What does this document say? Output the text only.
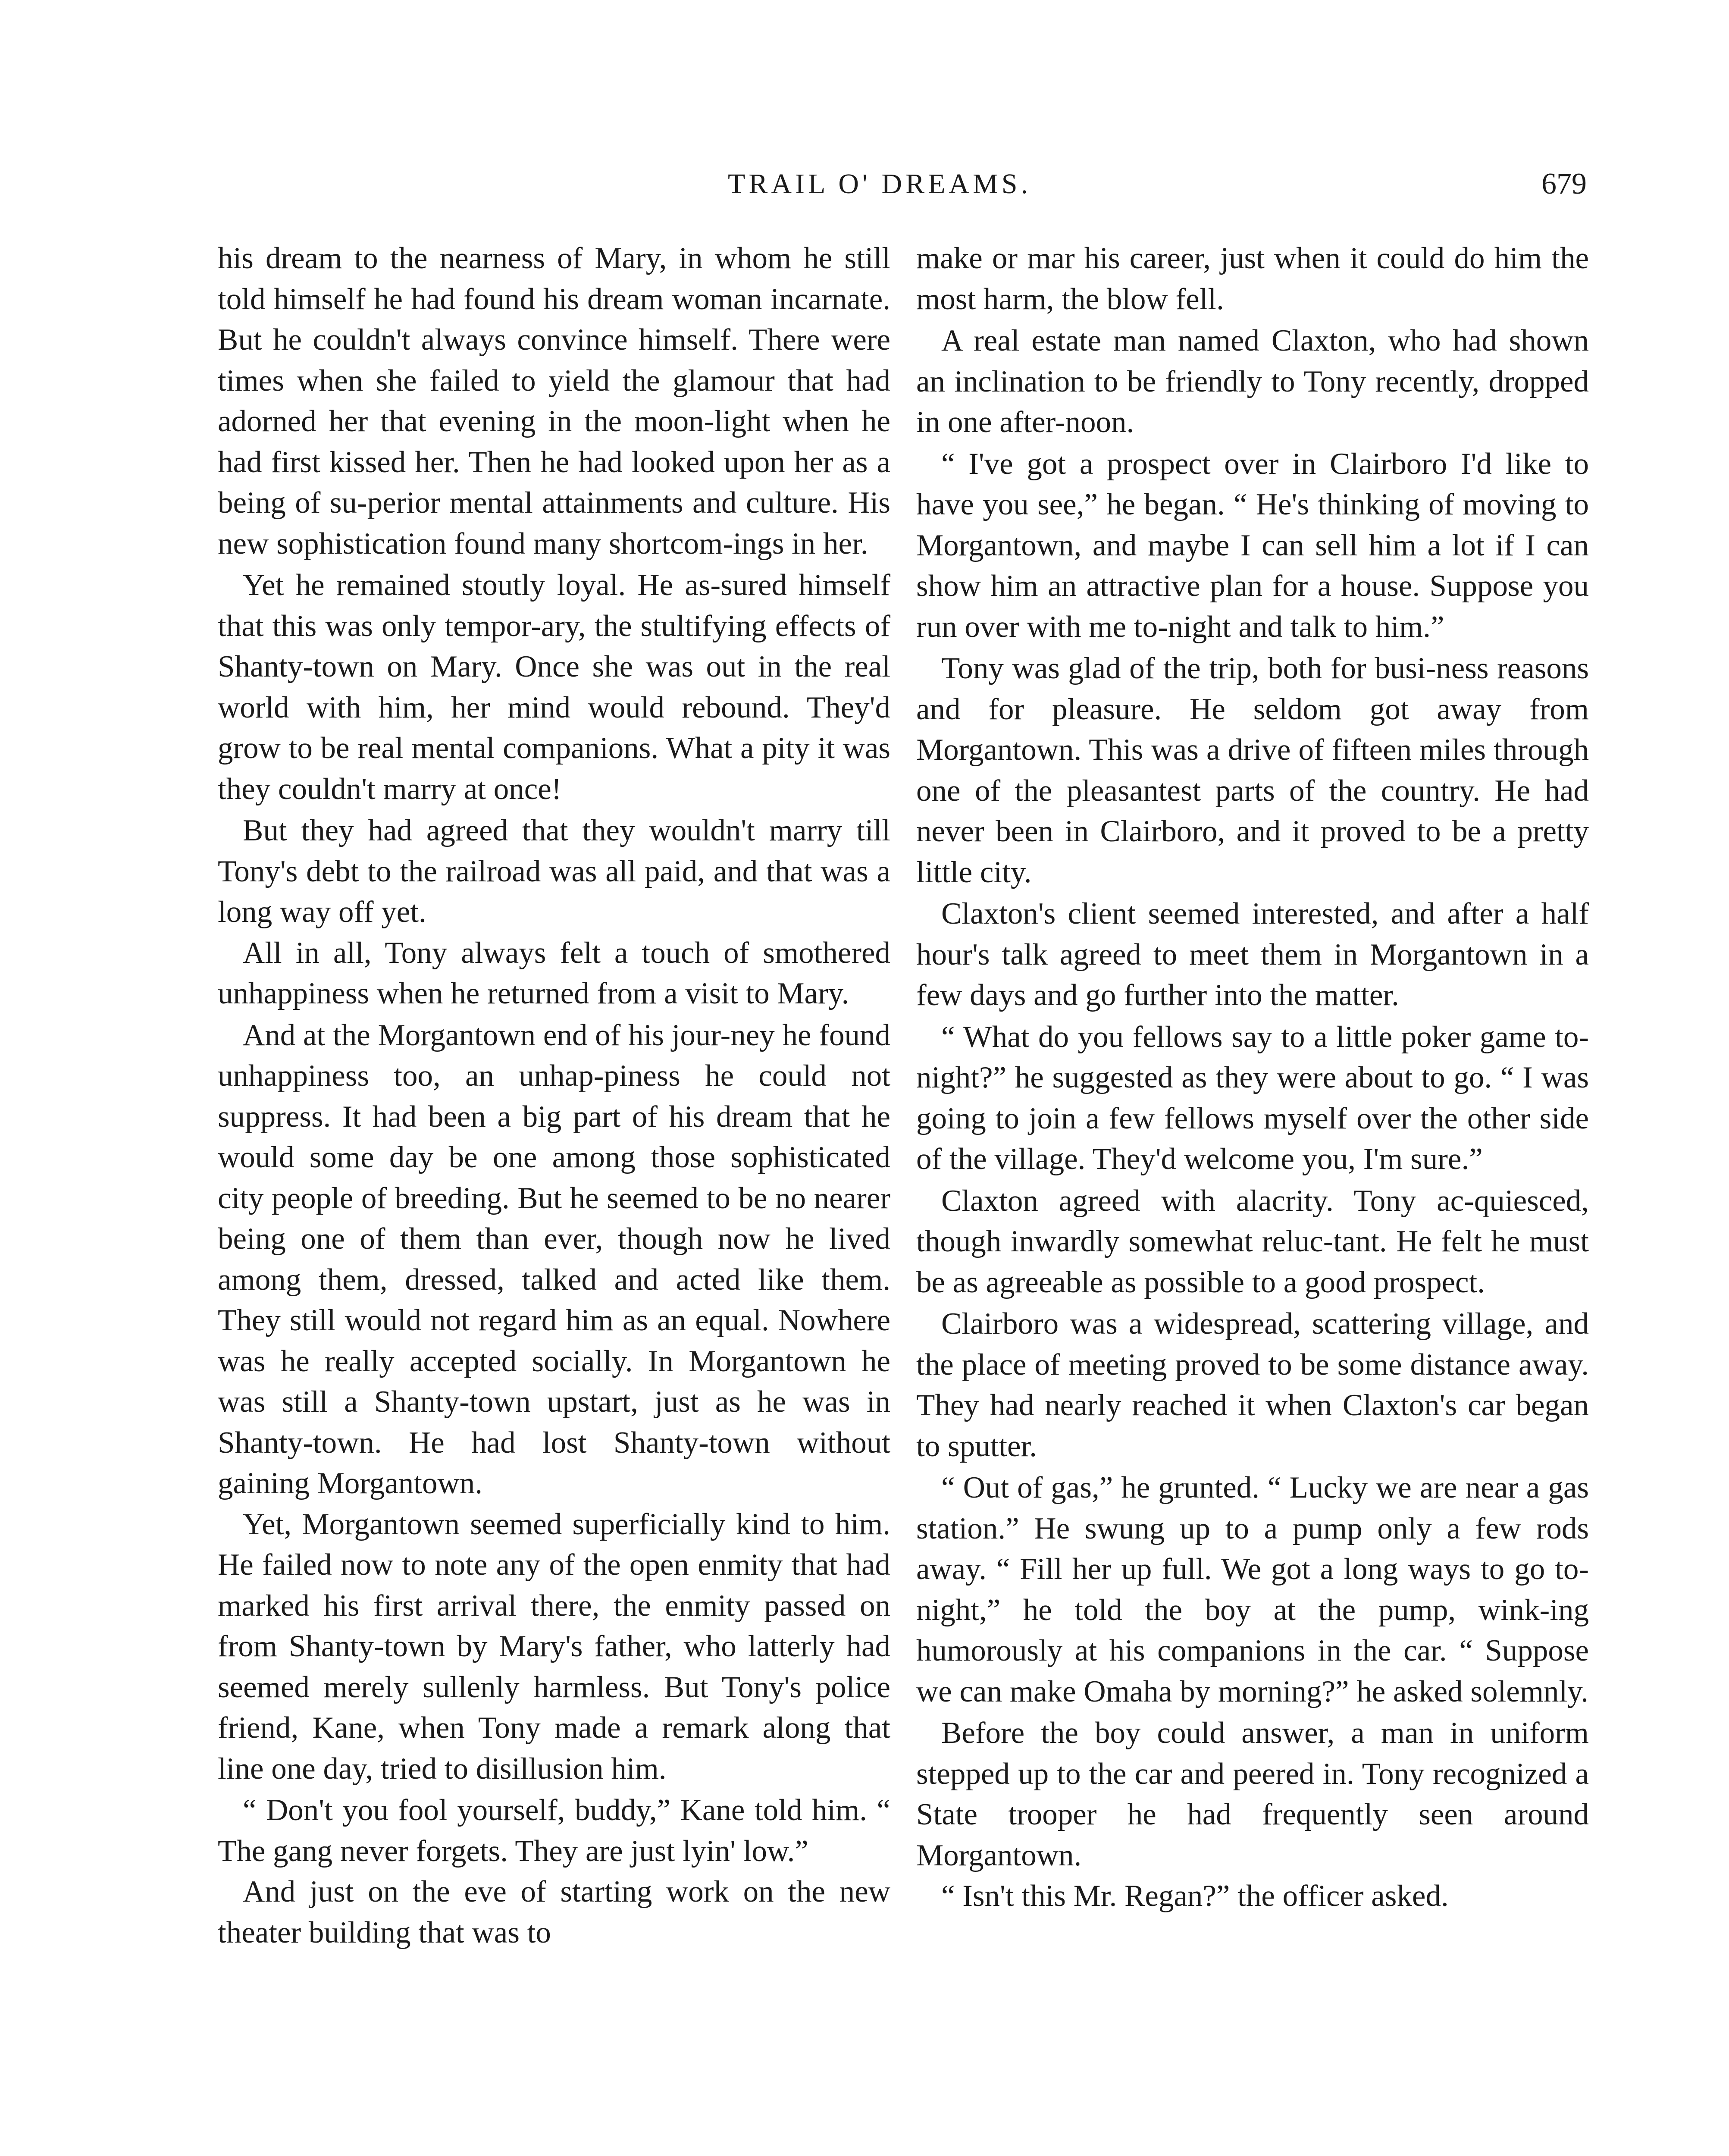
TRAIL O' DREAMS.	679

his dream to the nearness of Mary, in whom he still told himself he had found his dream woman incarnate. But he couldn't always convince himself. There were times when she failed to yield the glamour that had adorned her that evening in the moon-light when he had first kissed her. Then he had looked upon her as a being of su-perior mental attainments and culture. His new sophistication found many shortcom-ings in her.

Yet he remained stoutly loyal. He as-sured himself that this was only tempor-ary, the stultifying effects of Shanty-town on Mary. Once she was out in the real world with him, her mind would rebound. They'd grow to be real mental companions. What a pity it was they couldn't marry at once!

But they had agreed that they wouldn't marry till Tony's debt to the railroad was all paid, and that was a long way off yet.

All in all, Tony always felt a touch of smothered unhappiness when he returned from a visit to Mary.

And at the Morgantown end of his jour-ney he found unhappiness too, an unhap-piness he could not suppress. It had been a big part of his dream that he would some day be one among those sophisticated city people of breeding. But he seemed to be no nearer being one of them than ever, though now he lived among them, dressed, talked and acted like them. They still would not regard him as an equal. Nowhere was he really accepted socially. In Morgantown he was still a Shanty-town upstart, just as he was in Shanty-town. He had lost Shanty-town without gaining Morgantown.

Yet, Morgantown seemed superficially kind to him. He failed now to note any of the open enmity that had marked his first arrival there, the enmity passed on from Shanty-town by Mary's father, who latterly had seemed merely sullenly harmless. But Tony's police friend, Kane, when Tony made a remark along that line one day, tried to disillusion him.

“ Don't you fool yourself, buddy,” Kane told him. “ The gang never forgets. They are just lyin' low.”

And just on the eve of starting work on the new theater building that was to

make or mar his career, just when it could do him the most harm, the blow fell.

A real estate man named Claxton, who had shown an inclination to be friendly to Tony recently, dropped in one after-noon.

“ I've got a prospect over in Clairboro I'd like to have you see,” he began. “ He's thinking of moving to Morgantown, and maybe I can sell him a lot if I can show him an attractive plan for a house. Suppose you run over with me to-night and talk to him.”

Tony was glad of the trip, both for busi-ness reasons and for pleasure. He seldom got away from Morgantown. This was a drive of fifteen miles through one of the pleasantest parts of the country. He had never been in Clairboro, and it proved to be a pretty little city.

Claxton's client seemed interested, and after a half hour's talk agreed to meet them in Morgantown in a few days and go further into the matter.

“ What do you fellows say to a little poker game to-night?” he suggested as they were about to go. “ I was going to join a few fellows myself over the other side of the village. They'd welcome you, I'm sure.”

Claxton agreed with alacrity. Tony ac-quiesced, though inwardly somewhat reluc-tant. He felt he must be as agreeable as possible to a good prospect.

Clairboro was a widespread, scattering village, and the place of meeting proved to be some distance away. They had nearly reached it when Claxton's car began to sputter.

“ Out of gas,” he grunted. “ Lucky we are near a gas station.” He swung up to a pump only a few rods away. “ Fill her up full. We got a long ways to go to-night,” he told the boy at the pump, wink-ing humorously at his companions in the car. “ Suppose we can make Omaha by morning?” he asked solemnly.

Before the boy could answer, a man in uniform stepped up to the car and peered in. Tony recognized a State trooper he had frequently seen around Morgantown.

“ Isn't this Mr. Regan?” the officer asked.
